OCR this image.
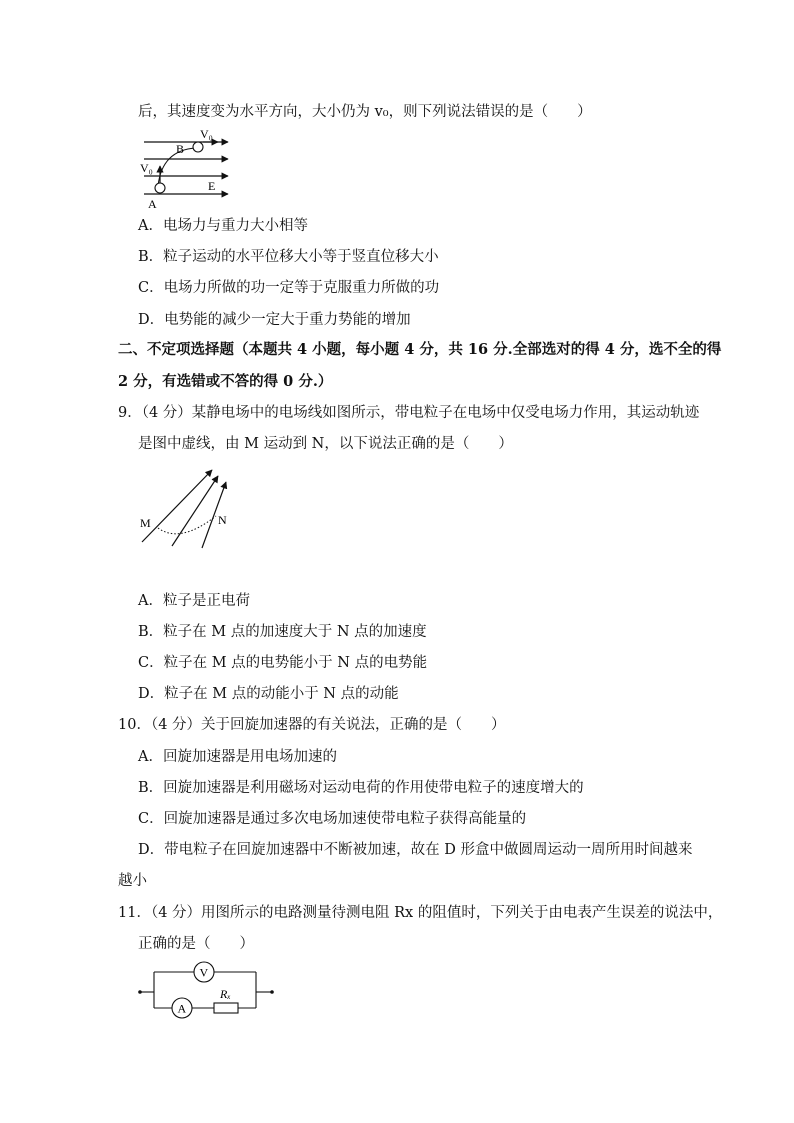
后，其速度变为水平方向，大小仍为 v₀，则下列说法错误的是（　　）
V₀
B
V₀
E
A
A．电场力与重力大小相等
B．粒子运动的水平位移大小等于竖直位移大小
C．电场力所做的功一定等于克服重力所做的功
D．电势能的减少一定大于重力势能的增加
二、不定项选择题（本题共 4 小题，每小题 4 分，共 16 分.全部选对的得 4 分，选不全的得
2 分，有选错或不答的得 0 分.）
9．（4 分）某静电场中的电场线如图所示，带电粒子在电场中仅受电场力作用，其运动轨迹
是图中虚线，由 M 运动到 N，以下说法正确的是（　　）
M	N
A．粒子是正电荷
B．粒子在 M 点的加速度大于 N 点的加速度
C．粒子在 M 点的电势能小于 N 点的电势能
D．粒子在 M 点的动能小于 N 点的动能
10．（4 分）关于回旋加速器的有关说法，正确的是（　　）
A．回旋加速器是用电场加速的
B．回旋加速器是利用磁场对运动电荷的作用使带电粒子的速度增大的
C．回旋加速器是通过多次电场加速使带电粒子获得高能量的
D．带电粒子在回旋加速器中不断被加速，故在 D 形盒中做圆周运动一周所用时间越来
越小
11．（4 分）用图所示的电路测量待测电阻 Rx 的阻值时，下列关于由电表产生误差的说法中，
正确的是（　　）
V
A
Rₓ
